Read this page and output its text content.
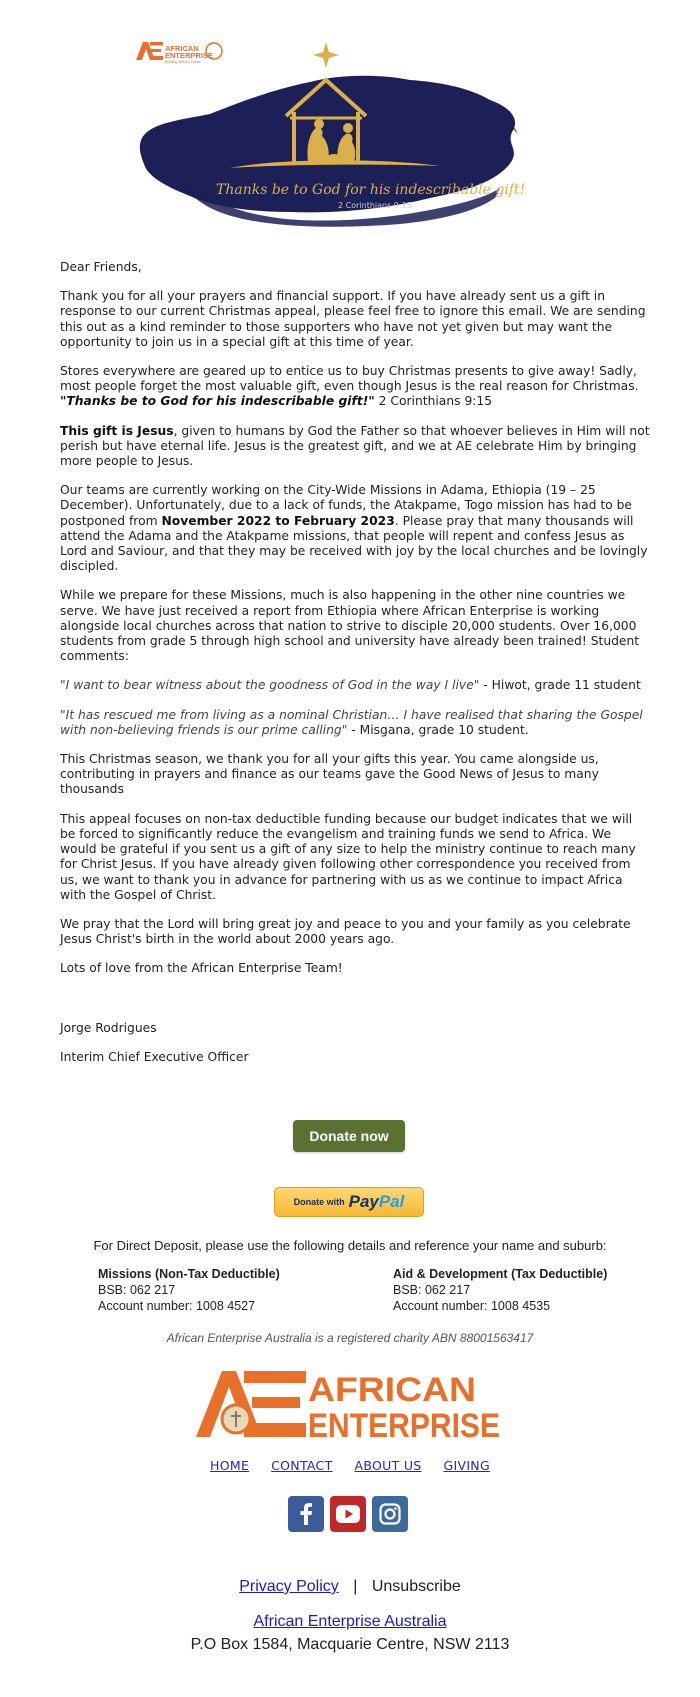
Thanks be to God for his indescribable gift!
2 Corinthians 9:15
AFRICAN
ENTERPRISE
Building Africa's Future

Dear Friends,

Thank you for all your prayers and financial support. If you have already sent us a gift in response to our current Christmas appeal, please feel free to ignore this email. We are sending this out as a kind reminder to those supporters who have not yet given but may want the opportunity to join us in a special gift at this time of year.

Stores everywhere are geared up to entice us to buy Christmas presents to give away! Sadly, most people forget the most valuable gift, even though Jesus is the real reason for Christmas.
"Thanks be to God for his indescribable gift!" 2 Corinthians 9:15

This gift is Jesus, given to humans by God the Father so that whoever believes in Him will not perish but have eternal life. Jesus is the greatest gift, and we at AE celebrate Him by bringing more people to Jesus.

Our teams are currently working on the City-Wide Missions in Adama, Ethiopia (19 – 25 December). Unfortunately, due to a lack of funds, the Atakpame, Togo mission has had to be postponed from November 2022 to February 2023. Please pray that many thousands will attend the Adama and the Atakpame missions, that people will repent and confess Jesus as Lord and Saviour, and that they may be received with joy by the local churches and be lovingly discipled.

While we prepare for these Missions, much is also happening in the other nine countries we serve. We have just received a report from Ethiopia where African Enterprise is working alongside local churches across that nation to strive to disciple 20,000 students. Over 16,000 students from grade 5 through high school and university have already been trained! Student comments:

"I want to bear witness about the goodness of God in the way I live" - Hiwot, grade 11 student

"It has rescued me from living as a nominal Christian… I have realised that sharing the Gospel with non-believing friends is our prime calling" - Misgana, grade 10 student.

This Christmas season, we thank you for all your gifts this year. You came alongside us, contributing in prayers and finance as our teams gave the Good News of Jesus to many thousands

This appeal focuses on non-tax deductible funding because our budget indicates that we will be forced to significantly reduce the evangelism and training funds we send to Africa. We would be grateful if you sent us a gift of any size to help the ministry continue to reach many for Christ Jesus. If you have already given following other correspondence you received from us, we want to thank you in advance for partnering with us as we continue to impact Africa with the Gospel of Christ.

We pray that the Lord will bring great joy and peace to you and your family as you celebrate Jesus Christ's birth in the world about 2000 years ago.

Lots of love from the African Enterprise Team!

Jorge Rodrigues

Interim Chief Executive Officer

Donate now
Donate with PayPal
For Direct Deposit, please use the following details and reference your name and suburb:
Missions (Non-Tax Deductible)
BSB: 062 217
Account number: 1008 4527
Aid & Development (Tax Deductible)
BSB: 062 217
Account number: 1008 4535
African Enterprise Australia is a registered charity ABN 88001563417
AFRICAN
ENTERPRISE
HOME CONTACT ABOUT US GIVING
Privacy Policy | Unsubscribe
African Enterprise Australia
P.O Box 1584, Macquarie Centre, NSW 2113
